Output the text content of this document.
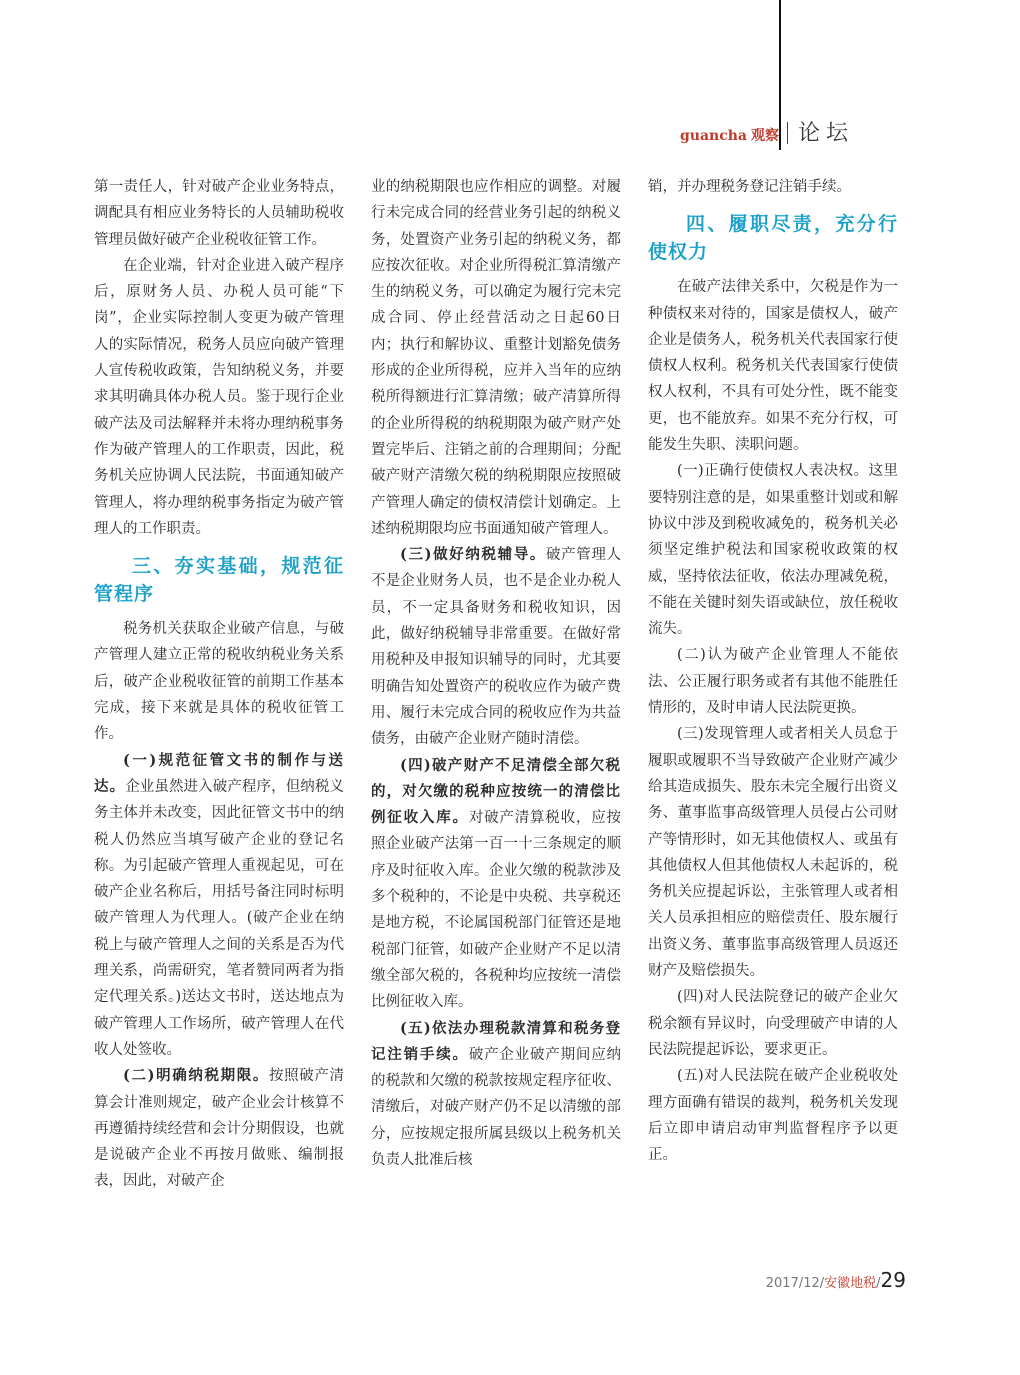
guancha 观察 论坛

第一责任人，针对破产企业业务特点，调配具有相应业务特长的人员辅助税收管理员做好破产企业税收征管工作。

在企业端，针对企业进入破产程序后，原财务人员、办税人员可能“下岗”，企业实际控制人变更为破产管理人的实际情况，税务人员应向破产管理人宣传税收政策，告知纳税义务，并要求其明确具体办税人员。鉴于现行企业破产法及司法解释并未将办理纳税事务作为破产管理人的工作职责，因此，税务机关应协调人民法院，书面通知破产管理人，将办理纳税事务指定为破产管理人的工作职责。

三、夯实基础，规范征管程序

税务机关获取企业破产信息，与破产管理人建立正常的税收纳税业务关系后，破产企业税收征管的前期工作基本完成，接下来就是具体的税收征管工作。

(一)规范征管文书的制作与送达。企业虽然进入破产程序，但纳税义务主体并未改变，因此征管文书中的纳税人仍然应当填写破产企业的登记名称。为引起破产管理人重视起见，可在破产企业名称后，用括号备注同时标明破产管理人为代理人。(破产企业在纳税上与破产管理人之间的关系是否为代理关系，尚需研究，笔者赞同两者为指定代理关系。)送达文书时，送达地点为破产管理人工作场所，破产管理人在代收人处签收。

(二)明确纳税期限。按照破产清算会计准则规定，破产企业会计核算不再遵循持续经营和会计分期假设，也就是说破产企业不再按月做账、编制报表，因此，对破产企

业的纳税期限也应作相应的调整。对履行未完成合同的经营业务引起的纳税义务，处置资产业务引起的纳税义务，都应按次征收。对企业所得税汇算清缴产生的纳税义务，可以确定为履行完未完成合同、停止经营活动之日起60日内；执行和解协议、重整计划豁免债务形成的企业所得税，应并入当年的应纳税所得额进行汇算清缴；破产清算所得的企业所得税的纳税期限为破产财产处置完毕后、注销之前的合理期间；分配破产财产清缴欠税的纳税期限应按照破产管理人确定的债权清偿计划确定。上述纳税期限均应书面通知破产管理人。

(三)做好纳税辅导。破产管理人不是企业财务人员，也不是企业办税人员，不一定具备财务和税收知识，因此，做好纳税辅导非常重要。在做好常用税种及申报知识辅导的同时，尤其要明确告知处置资产的税收应作为破产费用、履行未完成合同的税收应作为共益债务，由破产企业财产随时清偿。

(四)破产财产不足清偿全部欠税的，对欠缴的税种应按统一的清偿比例征收入库。对破产清算税收，应按照企业破产法第一百一十三条规定的顺序及时征收入库。企业欠缴的税款涉及多个税种的，不论是中央税、共享税还是地方税，不论属国税部门征管还是地税部门征管，如破产企业财产不足以清缴全部欠税的，各税种均应按统一清偿比例征收入库。

(五)依法办理税款清算和税务登记注销手续。破产企业破产期间应纳的税款和欠缴的税款按规定程序征收、清缴后，对破产财产仍不足以清缴的部分，应按规定报所属县级以上税务机关负责人批准后核

销，并办理税务登记注销手续。

四、履职尽责，充分行使权力

在破产法律关系中，欠税是作为一种债权来对待的，国家是债权人，破产企业是债务人，税务机关代表国家行使债权人权利。税务机关代表国家行使债权人权利，不具有可处分性，既不能变更，也不能放弃。如果不充分行权，可能发生失职、渎职问题。

(一)正确行使债权人表决权。这里要特别注意的是，如果重整计划或和解协议中涉及到税收减免的，税务机关必须坚定维护税法和国家税收政策的权威，坚持依法征收，依法办理减免税，不能在关键时刻失语或缺位，放任税收流失。

(二)认为破产企业管理人不能依法、公正履行职务或者有其他不能胜任情形的，及时申请人民法院更换。

(三)发现管理人或者相关人员怠于履职或履职不当导致破产企业财产减少给其造成损失、股东未完全履行出资义务、董事监事高级管理人员侵占公司财产等情形时，如无其他债权人、或虽有其他债权人但其他债权人未起诉的，税务机关应提起诉讼，主张管理人或者相关人员承担相应的赔偿责任、股东履行出资义务、董事监事高级管理人员返还财产及赔偿损失。

(四)对人民法院登记的破产企业欠税余额有异议时，向受理破产申请的人民法院提起诉讼，要求更正。

(五)对人民法院在破产企业税收处理方面确有错误的裁判，税务机关发现后立即申请启动审判监督程序予以更正。

2017/12/ 安徽地税 / 29
